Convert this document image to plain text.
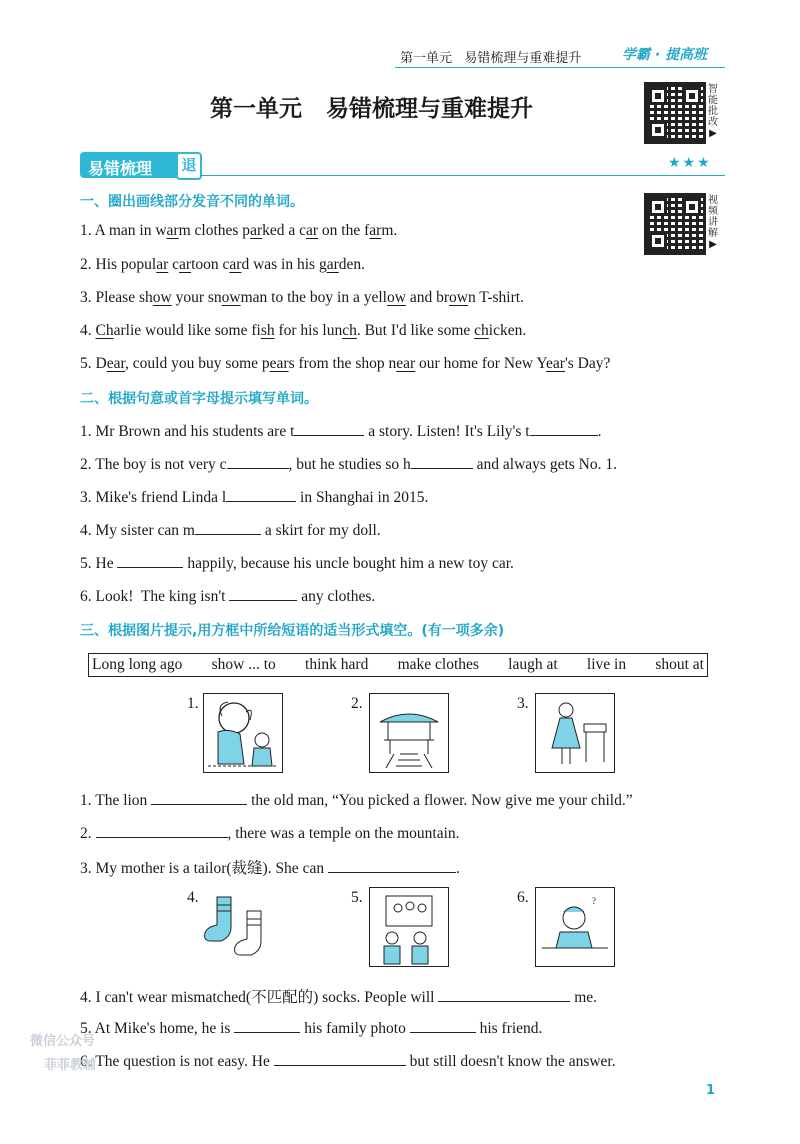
第一单元   易错梳理与重难提升	学霸 · 提高班
第一单元   易错梳理与重难提升
智
能
批
改
▶
易错梳理	退	★★★
视
频
讲
解
▶
一、圈出画线部分发音不同的单词。
1. A man in warm clothes parked a car on the farm.
2. His popular cartoon card was in his garden.
3. Please show your snowman to the boy in a yellow and brown T-shirt.
4. Charlie would like some fish for his lunch. But I'd like some chicken.
5. Dear, could you buy some pears from the shop near our home for New Year's Day?
二、根据句意或首字母提示填写单词。
1. Mr Brown and his students are t	a story. Listen! It's Lily's t	.
2. The boy is not very c	, but he studies so h	and always gets No. 1.
3. Mike's friend Linda l	in Shanghai in 2015.
4. My sister can m	a skirt for my doll.
5. He	happily, because his uncle bought him a new toy car.
6. Look!  The king isn't	any clothes.
三、根据图片提示,用方框中所给短语的适当形式填空。(有一项多余)
Long long ago show ... to think hard make clothes laugh at live in shout at
1.	2.	3.
1. The lion	the old man, “You picked a flower. Now give me your child.”
2.	, there was a temple on the mountain.
3. My mother is a tailor(裁缝). She can	.
4.	5.	6.	?
4. I can't wear mismatched(不匹配的) socks. People will	me.
5. At Mike's home, he is	his family photo	his friend.
6. The question is not easy. He	but still doesn't know the answer.
微信公众号
菲菲教辅
1
